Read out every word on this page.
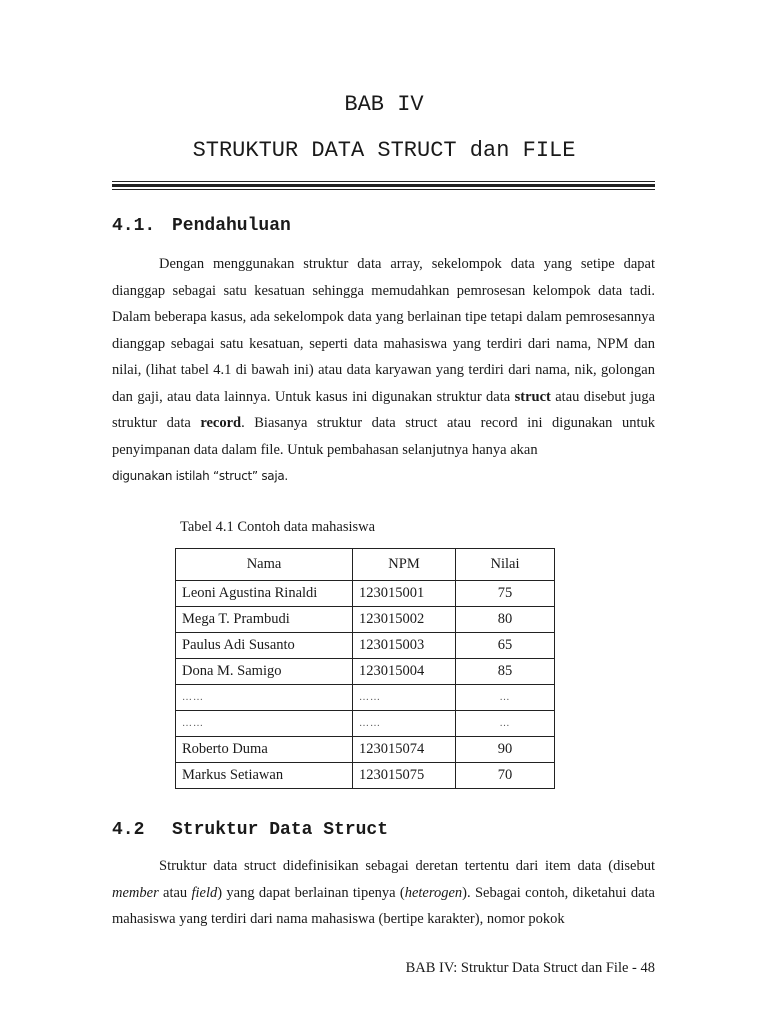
BAB IV
STRUKTUR DATA STRUCT dan FILE
4.1. Pendahuluan
Dengan menggunakan struktur data array, sekelompok data yang setipe dapat dianggap sebagai satu kesatuan sehingga memudahkan pemrosesan kelompok data tadi. Dalam beberapa kasus, ada sekelompok data yang berlainan tipe tetapi dalam pemrosesannya dianggap sebagai satu kesatuan, seperti data mahasiswa yang terdiri dari nama, NPM dan nilai, (lihat tabel 4.1 di bawah ini) atau data karyawan yang terdiri dari nama, nik, golongan dan gaji, atau data lainnya. Untuk kasus ini digunakan struktur data struct atau disebut juga struktur data record. Biasanya struktur data struct atau record ini digunakan untuk penyimpanan data dalam file. Untuk pembahasan selanjutnya hanya akan
digunakan istilah “struct” saja.
Tabel 4.1 Contoh data mahasiswa
Nama	NPM	Nilai
Leoni Agustina Rinaldi	123015001	75
Mega T. Prambudi	123015002	80
Paulus Adi Susanto	123015003	65
Dona M. Samigo	123015004	85
……	……	…
……	……	…
Roberto Duma	123015074	90
Markus Setiawan	123015075	70
4.2 Struktur Data Struct
Struktur data struct didefinisikan sebagai deretan tertentu dari item data (disebut member atau field) yang dapat berlainan tipenya (heterogen). Sebagai contoh, diketahui data mahasiswa yang terdiri dari nama mahasiswa (bertipe karakter), nomor pokok
BAB IV: Struktur Data Struct dan File - 48
